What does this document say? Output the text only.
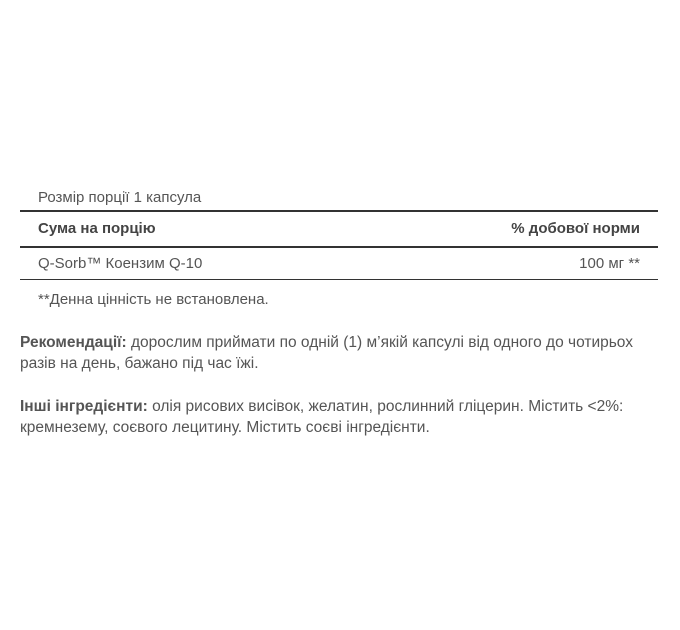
Розмір порції 1 капсула
Сума на порцію	% добової норми
Q-Sorb™ Коензим Q-10	100 мг **
**Денна цінність не встановлена.
Рекомендації: дорослим приймати по одній (1) м’якій капсулі від одного до чотирьох разів на день, бажано під час їжі.
Інші інгредієнти: олія рисових висівок, желатин, рослинний гліцерин. Містить <2%: кремнезему, соєвого лецитину. Містить соєві інгредієнти.
